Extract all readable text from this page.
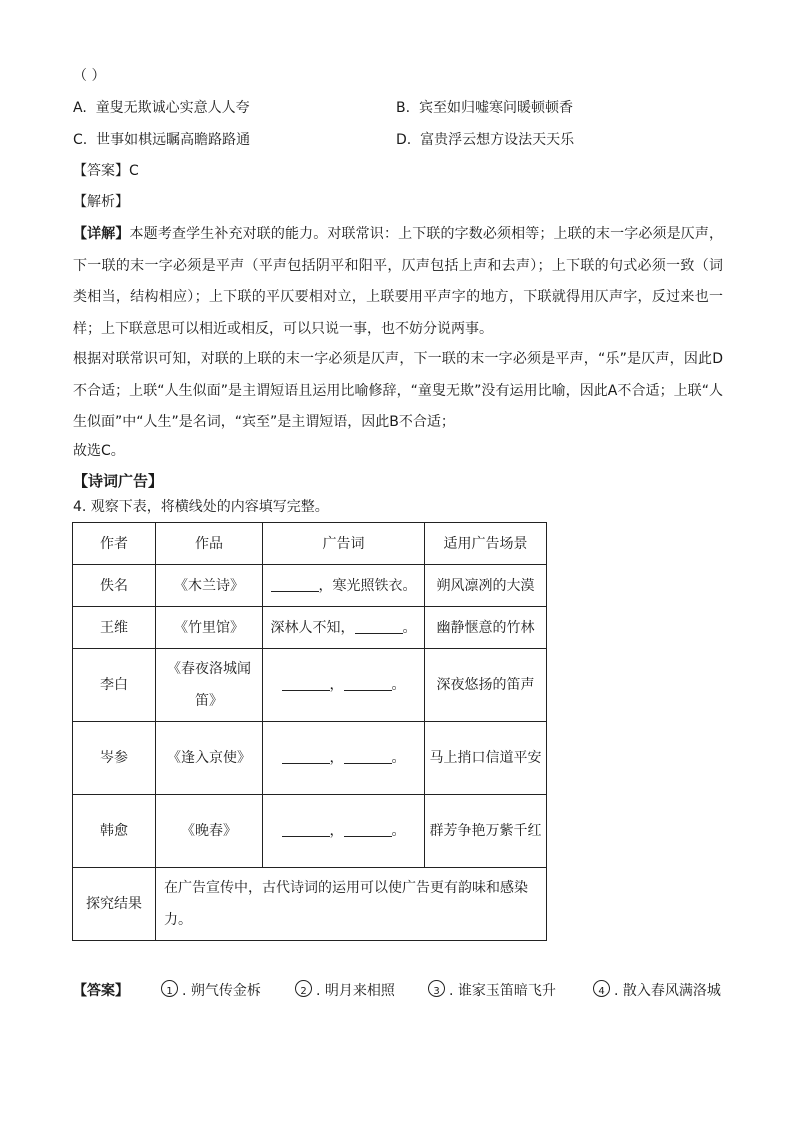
（ ）
A. 童叟无欺诚心实意人人夸	B. 宾至如归嘘寒问暖顿顿香
C. 世事如棋远瞩高瞻路路通	D. 富贵浮云想方设法天天乐
【答案】C
【解析】
【详解】本题考查学生补充对联的能力。对联常识：上下联的字数必须相等；上联的末一字必须是仄声，下一联的末一字必须是平声（平声包括阴平和阳平，仄声包括上声和去声）；上下联的句式必须一致（词类相当，结构相应）；上下联的平仄要相对立，上联要用平声字的地方，下联就得用仄声字，反过来也一样；上下联意思可以相近或相反，可以只说一事，也不妨分说两事。
根据对联常识可知，对联的上联的末一字必须是仄声，下一联的末一字必须是平声，“乐”是仄声，因此D不合适；上联“人生似面”是主谓短语且运用比喻修辞，“童叟无欺”没有运用比喻，因此A不合适；上联“人生似面”中“人生”是名词，“宾至”是主谓短语，因此B不合适；
故选C。
【诗词广告】
4. 观察下表，将横线处的内容填写完整。
作者	作品	广告词	适用广告场景
佚名	《木兰诗》	，寒光照铁衣。	朔风凛冽的大漠
王维	《竹里馆》	深林人不知， 。	幽静惬意的竹林
李白	《春夜洛城闻笛》	， 。	深夜悠扬的笛声
岑参	《逢入京使》	， 。	马上捎口信道平安
韩愈	《晚春》	， 。	群芳争艳万紫千红
探究结果	在广告宣传中，古代诗词的运用可以使广告更有韵味和感染力。		
【答案】	1 . 朔气传金柝	2 . 明月来相照	3 . 谁家玉笛暗飞升	4 . 散入春风满洛城
